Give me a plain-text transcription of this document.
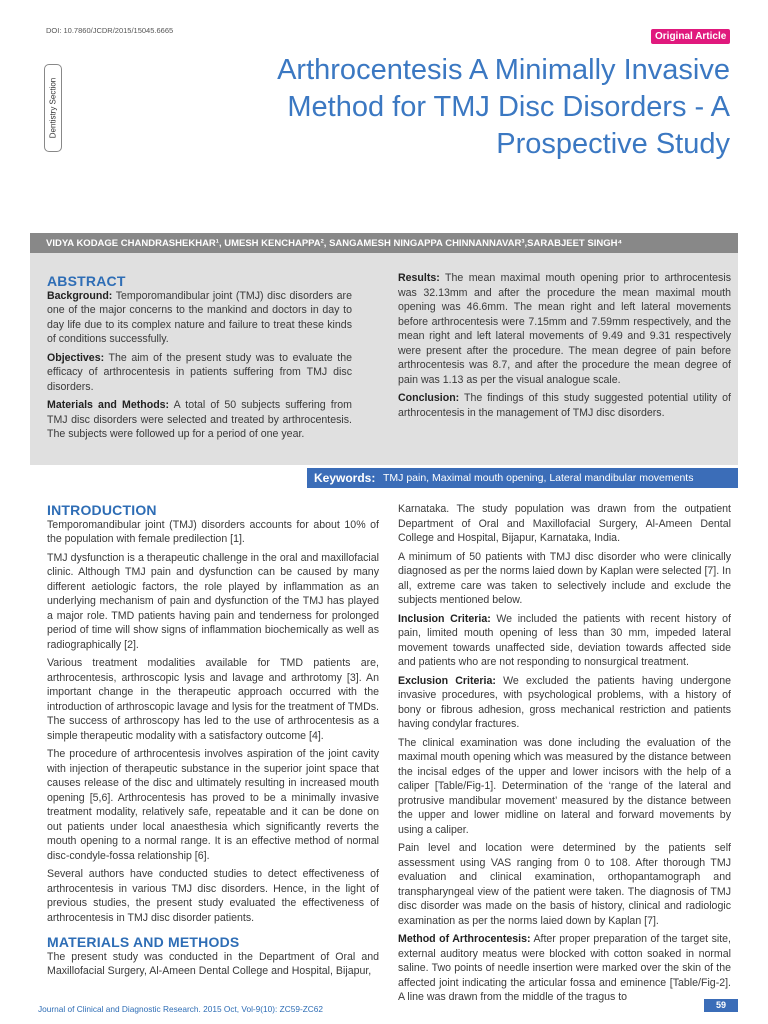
DOI: 10.7860/JCDR/2015/15045.6665
Original Article
Dentistry Section
Arthrocentesis A Minimally Invasive Method for TMJ Disc Disorders - A Prospective Study
VIDYA KODAGE CHANDRASHEKHAR¹, UMESH KENCHAPPA², SANGAMESH NINGAPPA CHINNANNAVAR³,SARABJEET SINGH⁴
ABSTRACT

Background: Temporomandibular joint (TMJ) disc disorders are one of the major concerns to the mankind and doctors in day to day life due to its complex nature and failure to treat these kinds of conditions successfully.

Objectives: The aim of the present study was to evaluate the efficacy of arthrocentesis in patients suffering from TMJ disc disorders.

Materials and Methods: A total of 50 subjects suffering from TMJ disc disorders were selected and treated by arthrocentesis. The subjects were followed up for a period of one year.

Results: The mean maximal mouth opening prior to arthrocentesis was 32.13mm and after the procedure the mean maximal mouth opening was 46.6mm. The mean right and left lateral movements before arthrocentesis were 7.15mm and 7.59mm respectively, and the mean right and left lateral movements of 9.49 and 9.31 respectively were present after the procedure. The mean degree of pain before arthrocentesis was 8.7, and after the procedure the mean degree of pain was 1.13 as per the visual analogue scale.

Conclusion: The findings of this study suggested potential utility of arthrocentesis in the management of TMJ disc disorders.

Keywords: TMJ pain, Maximal mouth opening, Lateral mandibular movements
INTRODUCTION

Temporomandibular joint (TMJ) disorders accounts for about 10% of the population with female predilection [1].

TMJ dysfunction is a therapeutic challenge in the oral and maxillofacial clinic. Although TMJ pain and dysfunction can be caused by many different aetiologic factors, the role played by inflammation as an underlying mechanism of pain and dysfunction of the TMJ has played a major role. TMD patients having pain and tenderness for prolonged period of time will show signs of inflammation biochemically as well as radiographically [2].

Various treatment modalities available for TMD patients are, arthrocentesis, arthroscopic lysis and lavage and arthrotomy [3]. An important change in the therapeutic approach occurred with the introduction of arthroscopic lavage and lysis for the treatment of TMDs. The success of arthroscopy has led to the use of arthrocentesis as a simple therapeutic modality with a satisfactory outcome [4].

The procedure of arthrocentesis involves aspiration of the joint cavity with injection of therapeutic substance in the superior joint space that causes release of the disc and ultimately resulting in increased mouth opening [5,6]. Arthrocentesis has proved to be a minimally invasive treatment modality, relatively safe, repeatable and it can be done on out patients under local anaesthesia which significantly reverts the mouth opening to a normal range. It is an effective method of normal disc-condyle-fossa relationship [6].

Several authors have conducted studies to detect effectiveness of arthrocentesis in various TMJ disc disorders. Hence, in the light of previous studies, the present study evaluated the effectiveness of arthrocentesis in TMJ disc disorder patients.

MATERIALS AND METHODS

The present study was conducted in the Department of Oral and Maxillofacial Surgery, Al-Ameen Dental College and Hospital, Bijapur,

Karnataka. The study population was drawn from the outpatient Department of Oral and Maxillofacial Surgery, Al-Ameen Dental College and Hospital, Bijapur, Karnataka, India.

A minimum of 50 patients with TMJ disc disorder who were clinically diagnosed as per the norms laied down by Kaplan were selected [7]. In all, extreme care was taken to selectively include and exclude the subjects mentioned below.

Inclusion Criteria: We included the patients with recent history of pain, limited mouth opening of less than 30 mm, impeded lateral movement towards unaffected side, deviation towards affected side and patients who are not responding to nonsurgical treatment.

Exclusion Criteria: We excluded the patients having undergone invasive procedures, with psychological problems, with a history of bony or fibrous adhesion, gross mechanical restriction and patients having condylar fractures.

The clinical examination was done including the evaluation of the maximal mouth opening which was measured by the distance between the incisal edges of the upper and lower incisors with the help of a caliper [Table/Fig-1]. Determination of the ‘range of the lateral and protrusive mandibular movement’ measured by the distance between the upper and lower midline on lateral and forward movements by using a caliper.

Pain level and location were determined by the patients self assessment using VAS ranging from 0 to 108. After thorough TMJ evaluation and clinical examination, orthopantamograph and transpharyngeal view of the patient were taken. The diagnosis of TMJ disc disorder was made on the basis of history, clinical and radiologic examination as per the norms laied down by Kaplan [7].

Method of Arthrocentesis: After proper preparation of the target site, external auditory meatus were blocked with cotton soaked in normal saline. Two points of needle insertion were marked over the skin of the affected joint indicating the articular fossa and eminence [Table/Fig-2]. A line was drawn from the middle of the tragus to

Journal of Clinical and Diagnostic Research. 2015 Oct, Vol-9(10): ZC59-ZC62	59
